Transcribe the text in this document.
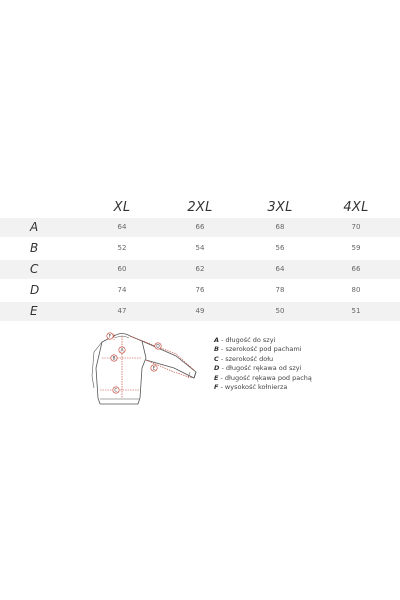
XL	2XL	3XL	4XL
A	64	66	68	70
B	52	54	56	59
C	60	62	64	66
D	74	76	78	80
E	47	49	50	51
A
B
C
D
E
F	A - długość do szyi
B - szerokość pod pachami
C - szerokość dołu
D - długość rękawa od szyi
E - długość rękawa pod pachą
F - wysokość kołnierza
